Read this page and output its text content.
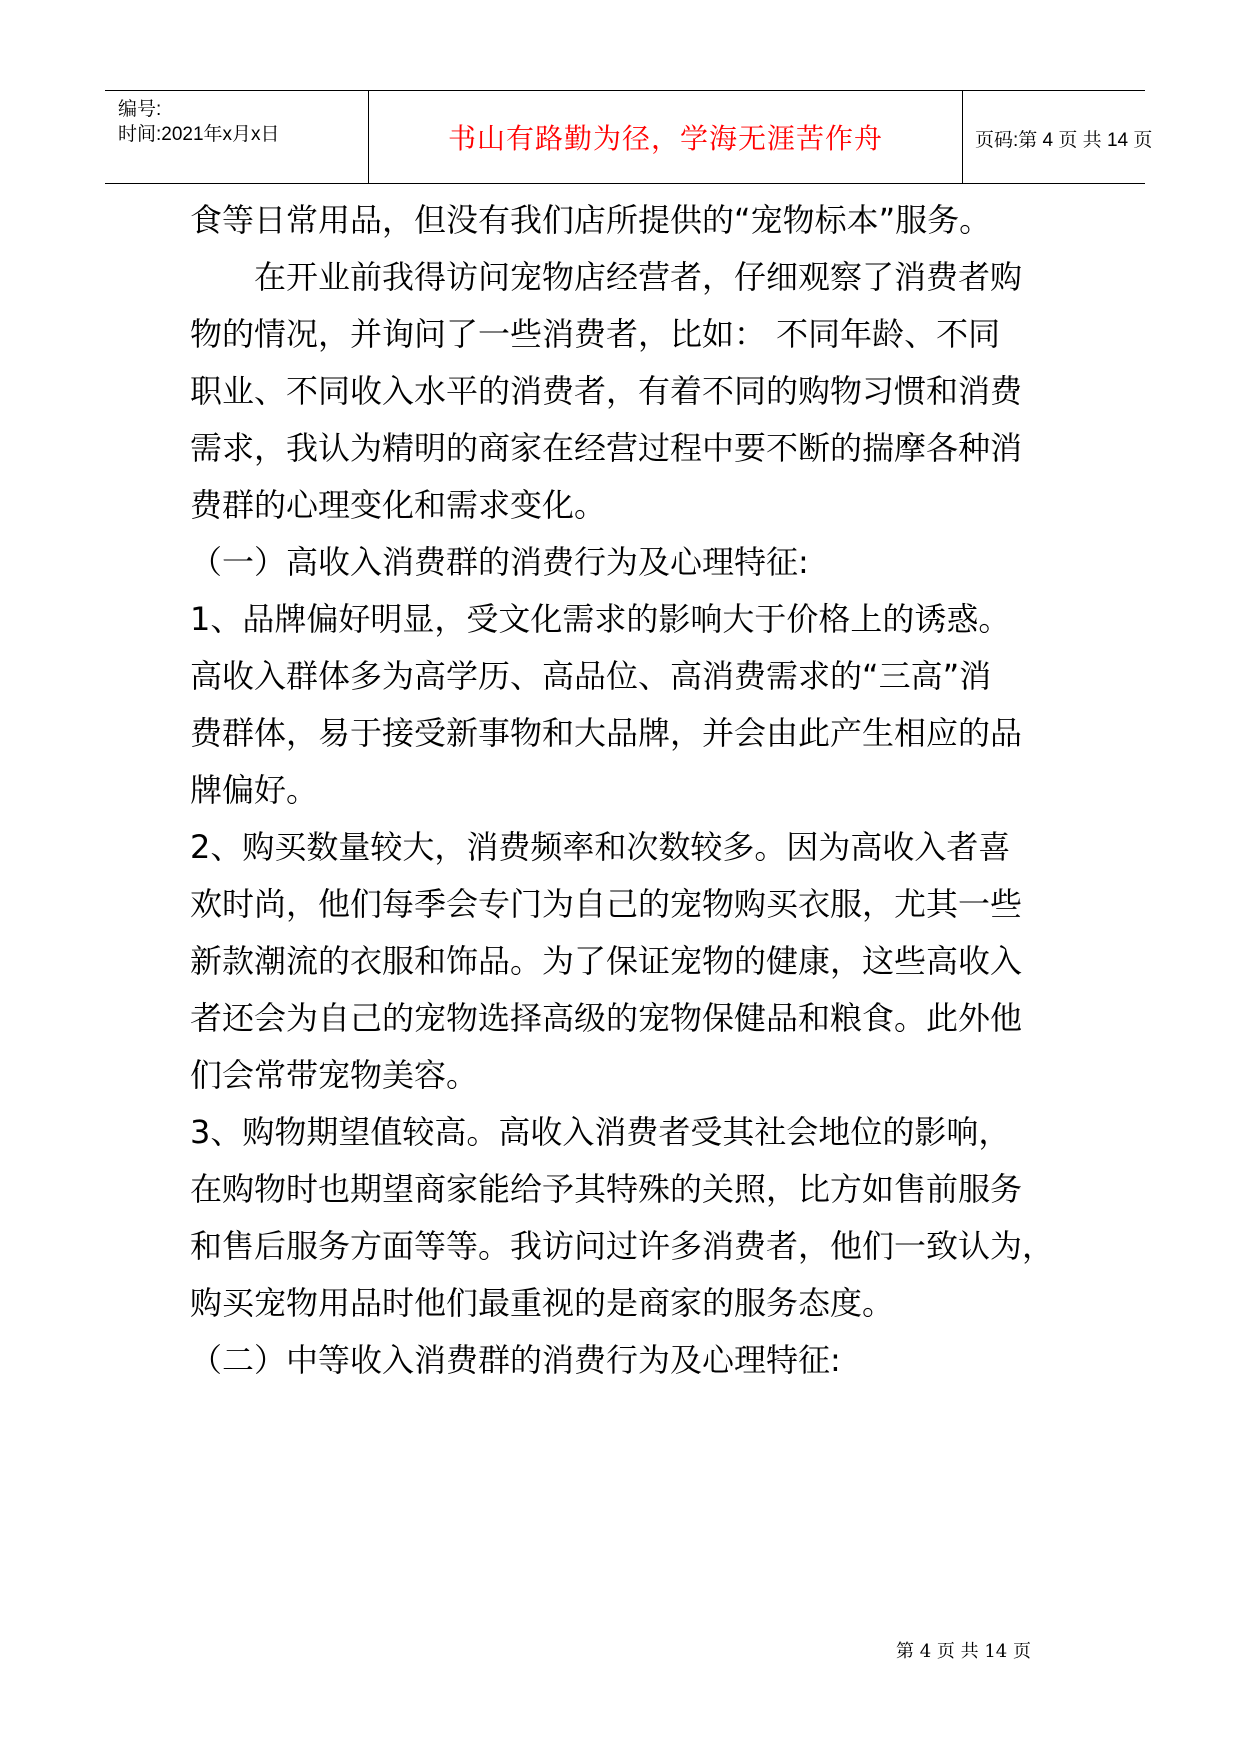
编号:
时间:2021年x月x日	书山有路勤为径，学海无涯苦作舟	页码:第 4 页 共 14 页
食等日常用品，但没有我们店所提供的“宠物标本”服务。
　　在开业前我得访问宠物店经营者，仔细观察了消费者购
物的情况，并询问了一些消费者，比如： 不同年龄、不同
职业、不同收入水平的消费者，有着不同的购物习惯和消费
需求，我认为精明的商家在经营过程中要不断的揣摩各种消
费群的心理变化和需求变化。
（一）高收入消费群的消费行为及心理特征:
1、品牌偏好明显，受文化需求的影响大于价格上的诱惑。
高收入群体多为高学历、高品位、高消费需求的“三高”消
费群体，易于接受新事物和大品牌，并会由此产生相应的品
牌偏好。
2、购买数量较大，消费频率和次数较多。因为高收入者喜
欢时尚，他们每季会专门为自己的宠物购买衣服，尤其一些
新款潮流的衣服和饰品。为了保证宠物的健康，这些高收入
者还会为自己的宠物选择高级的宠物保健品和粮食。此外他
们会常带宠物美容。
3、购物期望值较高。高收入消费者受其社会地位的影响，
在购物时也期望商家能给予其特殊的关照，比方如售前服务
和售后服务方面等等。我访问过许多消费者，他们一致认为，
购买宠物用品时他们最重视的是商家的服务态度。
（二）中等收入消费群的消费行为及心理特征:
第 4 页 共 14 页
